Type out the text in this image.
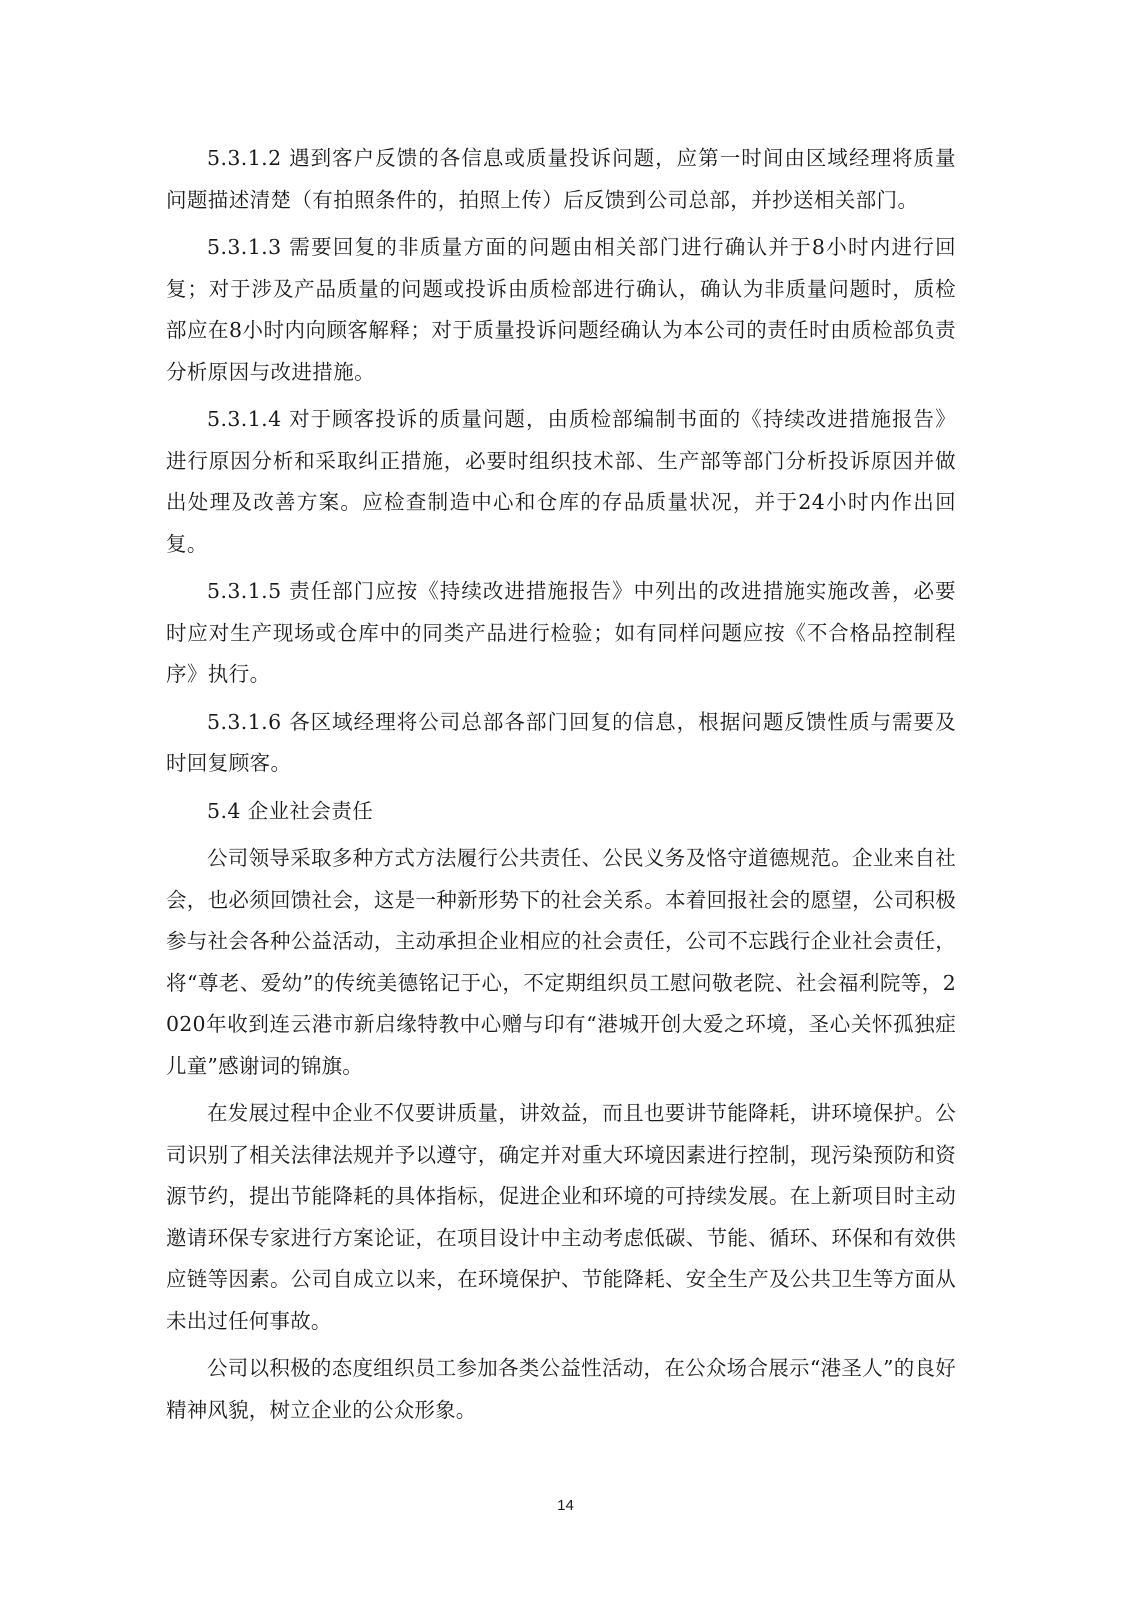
5.3.1.2 遇到客户反馈的各信息或质量投诉问题，应第一时间由区域经理将质量问题描述清楚（有拍照条件的，拍照上传）后反馈到公司总部，并抄送相关部门。

5.3.1.3 需要回复的非质量方面的问题由相关部门进行确认并于8小时内进行回复；对于涉及产品质量的问题或投诉由质检部进行确认，确认为非质量问题时，质检部应在8小时内向顾客解释；对于质量投诉问题经确认为本公司的责任时由质检部负责分析原因与改进措施。

5.3.1.4 对于顾客投诉的质量问题，由质检部编制书面的《持续改进措施报告》进行原因分析和采取纠正措施，必要时组织技术部、生产部等部门分析投诉原因并做出处理及改善方案。应检查制造中心和仓库的存品质量状况，并于24小时内作出回复。

5.3.1.5 责任部门应按《持续改进措施报告》中列出的改进措施实施改善，必要时应对生产现场或仓库中的同类产品进行检验；如有同样问题应按《不合格品控制程序》执行。

5.3.1.6 各区域经理将公司总部各部门回复的信息，根据问题反馈性质与需要及时回复顾客。

5.4 企业社会责任

公司领导采取多种方式方法履行公共责任、公民义务及恪守道德规范。企业来自社会，也必须回馈社会，这是一种新形势下的社会关系。本着回报社会的愿望，公司积极参与社会各种公益活动，主动承担企业相应的社会责任，公司不忘践行企业社会责任，将“尊老、爱幼”的传统美德铭记于心，不定期组织员工慰问敬老院、社会福利院等，2020年收到连云港市新启缘特教中心赠与印有“港城开创大爱之环境，圣心关怀孤独症儿童”感谢词的锦旗。

在发展过程中企业不仅要讲质量，讲效益，而且也要讲节能降耗，讲环境保护。公司识别了相关法律法规并予以遵守，确定并对重大环境因素进行控制，现污染预防和资源节约，提出节能降耗的具体指标，促进企业和环境的可持续发展。在上新项目时主动邀请环保专家进行方案论证，在项目设计中主动考虑低碳、节能、循环、环保和有效供应链等因素。公司自成立以来，在环境保护、节能降耗、安全生产及公共卫生等方面从未出过任何事故。

公司以积极的态度组织员工参加各类公益性活动，在公众场合展示“港圣人”的良好精神风貌，树立企业的公众形象。

14
